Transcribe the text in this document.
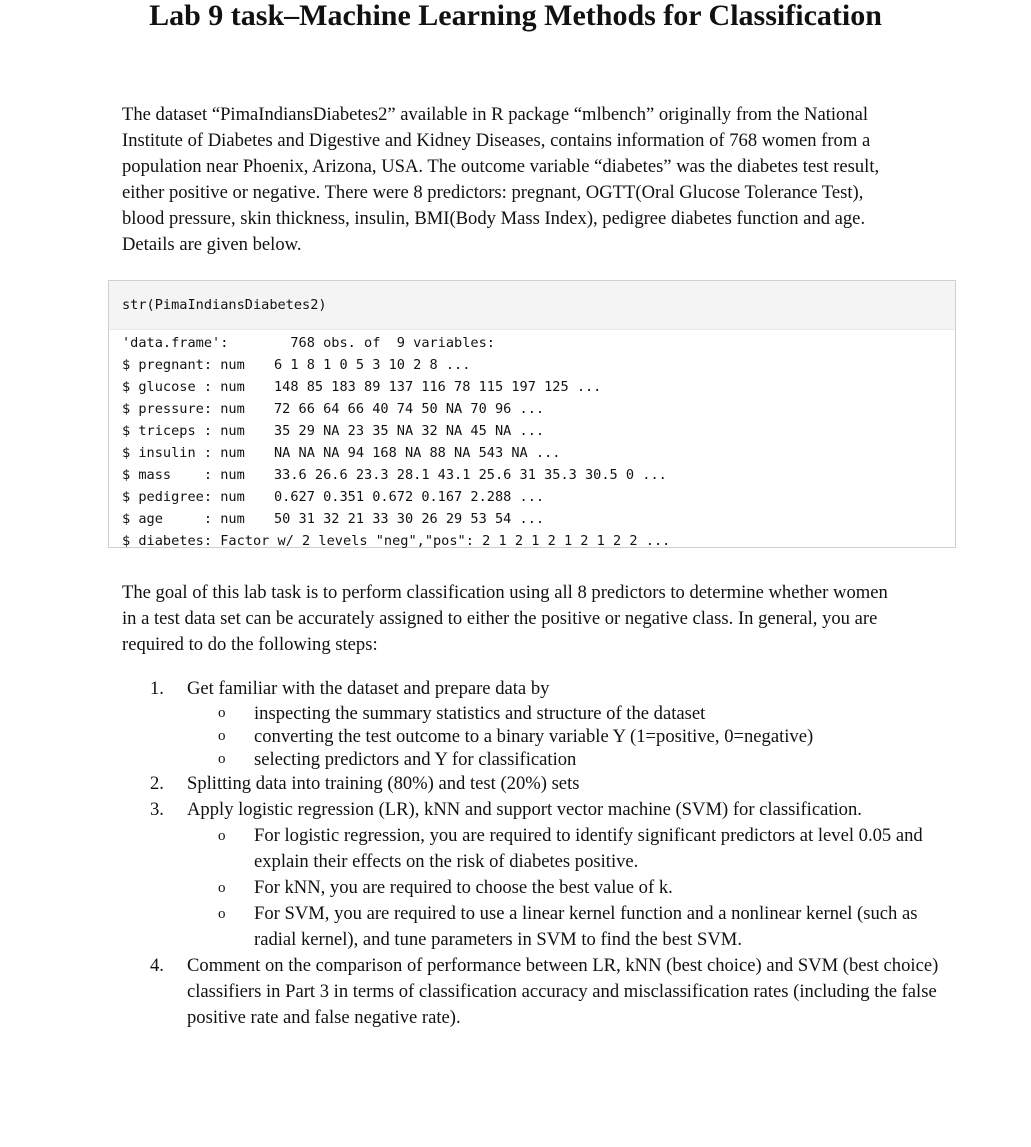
Lab 9 task–Machine Learning Methods for Classification
The dataset “PimaIndiansDiabetes2” available in R package “mlbench” originally from the National
Institute of Diabetes and Digestive and Kidney Diseases, contains information of 768 women from a
population near Phoenix, Arizona, USA. The outcome variable “diabetes” was the diabetes test result,
either positive or negative. There were 8 predictors: pregnant, OGTT(Oral Glucose Tolerance Test),
blood pressure, skin thickness, insulin, BMI(Body Mass Index), pedigree diabetes function and age.
Details are given below.
str(PimaIndiansDiabetes2)
'data.frame':	768 obs. of  9 variables:
$ pregnant: num	6 1 8 1 0 5 3 10 2 8 ...
$ glucose : num	148 85 183 89 137 116 78 115 197 125 ...
$ pressure: num	72 66 64 66 40 74 50 NA 70 96 ...
$ triceps : num	35 29 NA 23 35 NA 32 NA 45 NA ...
$ insulin : num	NA NA NA 94 168 NA 88 NA 543 NA ...
$ mass    : num	33.6 26.6 23.3 28.1 43.1 25.6 31 35.3 30.5 0 ...
$ pedigree: num	0.627 0.351 0.672 0.167 2.288 ...
$ age     : num	50 31 32 21 33 30 26 29 53 54 ...
$ diabetes: Factor w/ 2 levels "neg","pos": 2 1 2 1 2 1 2 1 2 2 ...
The goal of this lab task is to perform classification using all 8 predictors to determine whether women
in a test data set can be accurately assigned to either the positive or negative class. In general, you are
required to do the following steps:
1.	Get familiar with the dataset and prepare data by
o	inspecting the summary statistics and structure of the dataset
o	converting the test outcome to a binary variable Y (1=positive, 0=negative)
o	selecting predictors and Y for classification
2.	Splitting data into training (80%) and test (20%) sets
3.	Apply logistic regression (LR), kNN and support vector machine (SVM) for classification.
o	For logistic regression, you are required to identify significant predictors at level 0.05 and explain their effects on the risk of diabetes positive.
o	For kNN, you are required to choose the best value of k.
o	For SVM, you are required to use a linear kernel function and a nonlinear kernel (such as radial kernel), and tune parameters in SVM to find the best SVM.
4.	Comment on the comparison of performance between LR, kNN (best choice) and SVM (best choice) classifiers in Part 3 in terms of classification accuracy and misclassification rates (including the false positive rate and false negative rate).
